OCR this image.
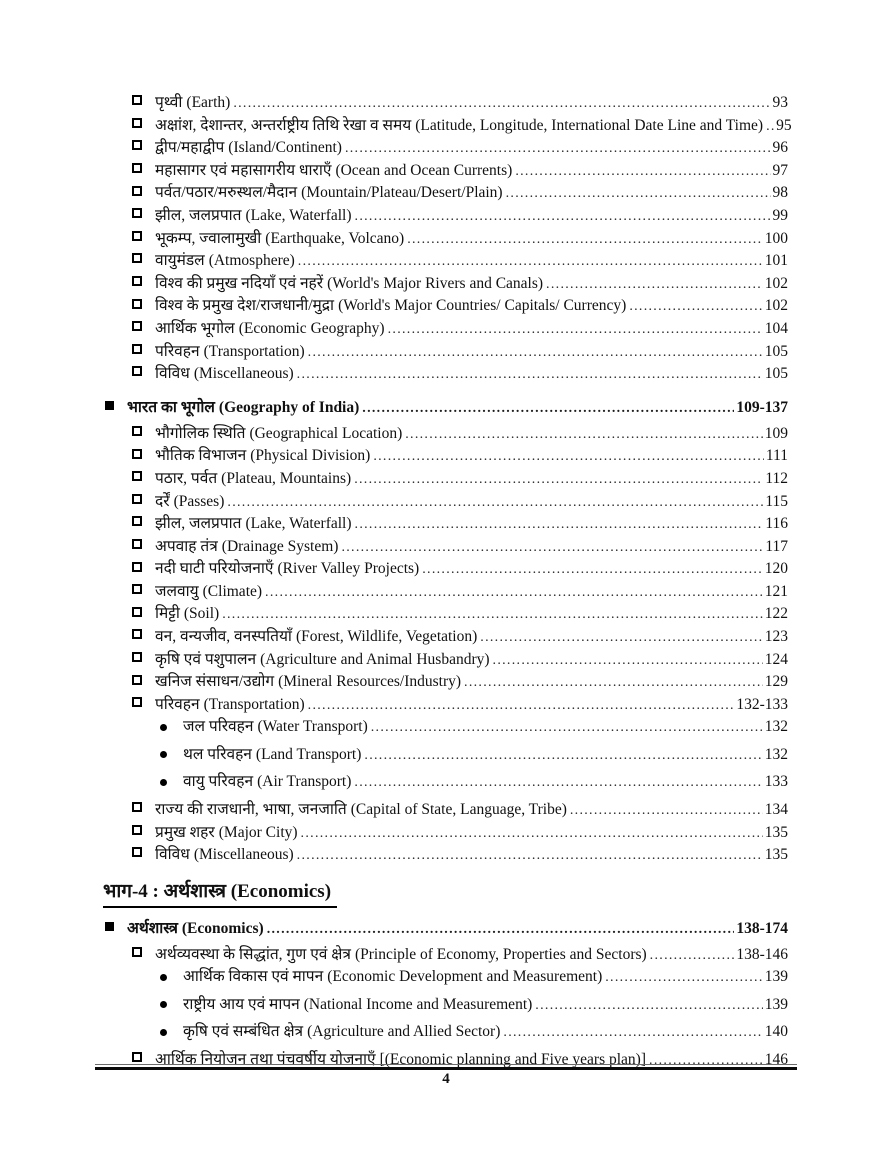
पृथ्वी (Earth) .....	93
अक्षांश, देशान्तर, अन्तर्राष्ट्रीय तिथि रेखा व समय (Latitude, Longitude, International Date Line and Time) ..... 95
द्वीप/महाद्वीप (Island/Continent) .....	96
महासागर एवं महासागरीय धाराएँ (Ocean and Ocean Currents) .....	97
पर्वत/पठार/मरुस्थल/मैदान (Mountain/Plateau/Desert/Plain) .....	98
झील, जलप्रपात (Lake, Waterfall) .....	99
भूकम्प, ज्वालामुखी (Earthquake, Volcano) .....	100
वायुमंडल (Atmosphere) .....	101
विश्व की प्रमुख नदियाँ एवं नहरें (World's Major Rivers and Canals) .....	102
विश्व के प्रमुख देश/राजधानी/मुद्रा (World's Major Countries/ Capitals/ Currency) .....	102
आर्थिक भूगोल (Economic Geography) .....	104
परिवहन (Transportation) .....	105
विविध (Miscellaneous) .....	105
भारत का भूगोल (Geography of India) .....	109-137
भौगोलिक स्थिति (Geographical Location) .....	109
भौतिक विभाजन (Physical Division) .....	111
पठार, पर्वत (Plateau, Mountains) .....	112
दर्रें (Passes) .....	115
झील, जलप्रपात (Lake, Waterfall) .....	116
अपवाह तंत्र (Drainage System) .....	117
नदी घाटी परियोजनाएँ (River Valley Projects) .....	120
जलवायु (Climate) .....	121
मिट्टी (Soil) .....	122
वन, वन्यजीव, वनस्पतियाँ (Forest, Wildlife, Vegetation) .....	123
कृषि एवं पशुपालन (Agriculture and Animal Husbandry) .....	124
खनिज संसाधन/उद्योग (Mineral Resources/Industry) .....	129
परिवहन (Transportation) .....	132-133
जल परिवहन (Water Transport) .....	132
थल परिवहन (Land Transport) .....	132
वायु परिवहन (Air Transport) .....	133
राज्य की राजधानी, भाषा, जनजाति (Capital of State, Language, Tribe) .....	134
प्रमुख शहर (Major City) .....	135
विविध (Miscellaneous) .....	135
भाग-4 : अर्थशास्त्र (Economics)
अर्थशास्त्र (Economics) .....	138-174
अर्थव्यवस्था के सिद्धांत, गुण एवं क्षेत्र (Principle of Economy, Properties and Sectors) .....	138-146
आर्थिक विकास एवं मापन (Economic Development and Measurement) .....	139
राष्ट्रीय आय एवं मापन (National Income and Measurement) .....	139
कृषि एवं सम्बंधित क्षेत्र (Agriculture and Allied Sector) .....	140
आर्थिक नियोजन तथा पंचवर्षीय योजनाएँ [(Economic planning and Five years plan)] .....	146
4
